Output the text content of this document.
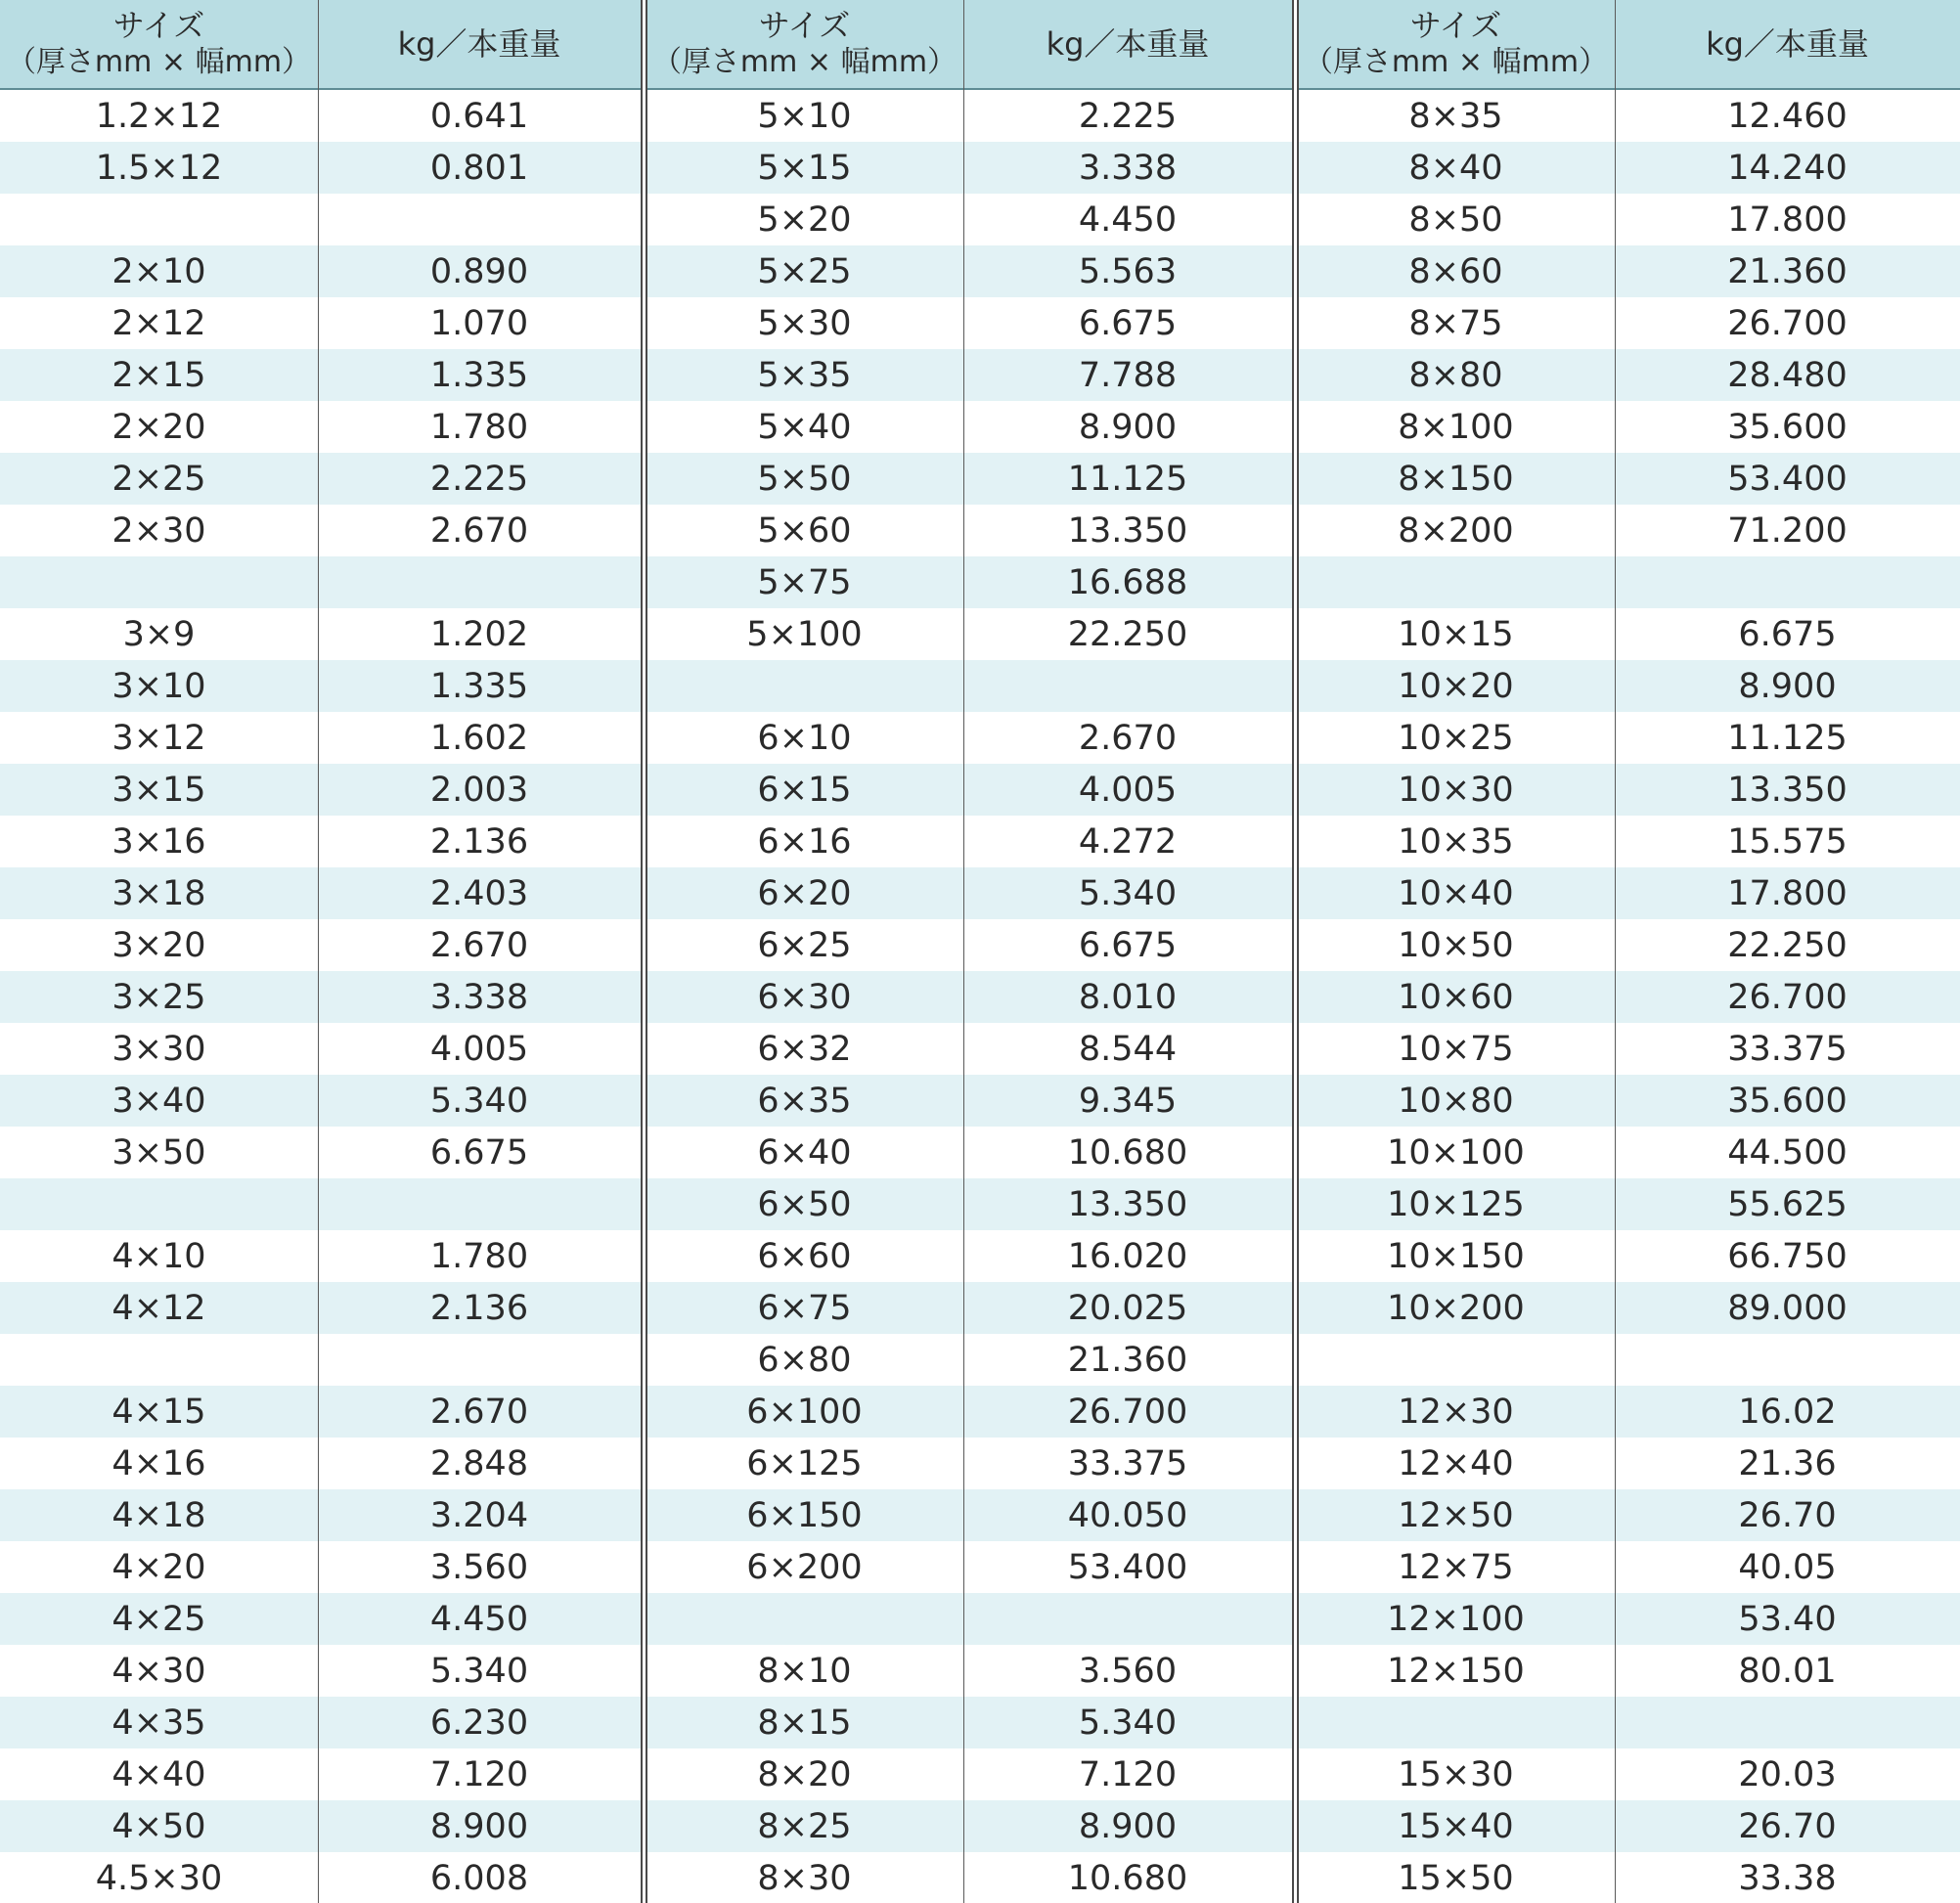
サイズ
（厚さmm × 幅mm）	kg／本重量
1.2×12	0.641
1.5×12	0.801
2×10	0.890
2×12	1.070
2×15	1.335
2×20	1.780
2×25	2.225
2×30	2.670
3×9	1.202
3×10	1.335
3×12	1.602
3×15	2.003
3×16	2.136
3×18	2.403
3×20	2.670
3×25	3.338
3×30	4.005
3×40	5.340
3×50	6.675
4×10	1.780
4×12	2.136
4×15	2.670
4×16	2.848
4×18	3.204
4×20	3.560
4×25	4.450
4×30	5.340
4×35	6.230
4×40	7.120
4×50	8.900
4.5×30	6.008
サイズ
（厚さmm × 幅mm）	kg／本重量
5×10	2.225
5×15	3.338
5×20	4.450
5×25	5.563
5×30	6.675
5×35	7.788
5×40	8.900
5×50	11.125
5×60	13.350
5×75	16.688
5×100	22.250
6×10	2.670
6×15	4.005
6×16	4.272
6×20	5.340
6×25	6.675
6×30	8.010
6×32	8.544
6×35	9.345
6×40	10.680
6×50	13.350
6×60	16.020
6×75	20.025
6×80	21.360
6×100	26.700
6×125	33.375
6×150	40.050
6×200	53.400
8×10	3.560
8×15	5.340
8×20	7.120
8×25	8.900
8×30	10.680
サイズ
（厚さmm × 幅mm）	kg／本重量
8×35	12.460
8×40	14.240
8×50	17.800
8×60	21.360
8×75	26.700
8×80	28.480
8×100	35.600
8×150	53.400
8×200	71.200
10×15	6.675
10×20	8.900
10×25	11.125
10×30	13.350
10×35	15.575
10×40	17.800
10×50	22.250
10×60	26.700
10×75	33.375
10×80	35.600
10×100	44.500
10×125	55.625
10×150	66.750
10×200	89.000
12×30	16.02
12×40	21.36
12×50	26.70
12×75	40.05
12×100	53.40
12×150	80.01
15×30	20.03
15×40	26.70
15×50	33.38
